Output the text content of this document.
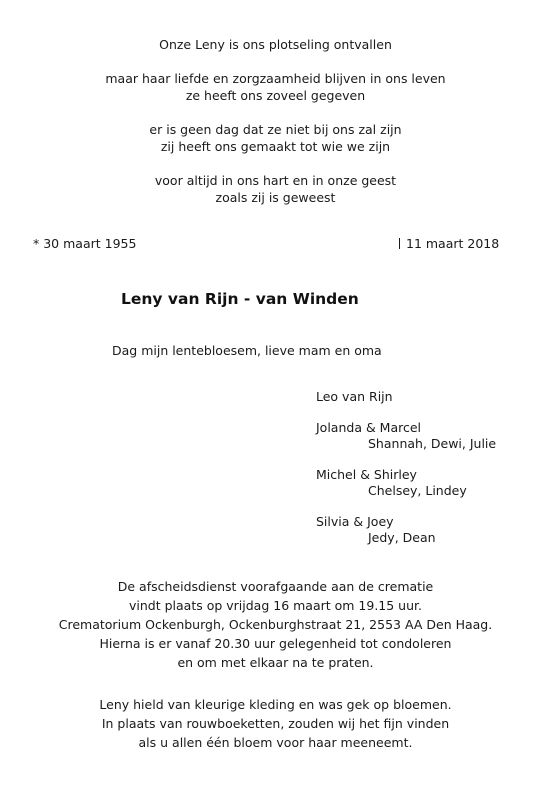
Onze Leny is ons plotseling ontvallen
maar haar liefde en zorgzaamheid blijven in ons leven
ze heeft ons zoveel gegeven
er is geen dag dat ze niet bij ons zal zijn
zij heeft ons gemaakt tot wie we zijn
voor altijd in ons hart en in onze geest
zoals zij is geweest
* 30 maart 1955	11 maart 2018
Leny van Rijn - van Winden
Dag mijn lentebloesem, lieve mam en oma
Leo van Rijn
Jolanda & Marcel
Shannah, Dewi, Julie
Michel & Shirley
Chelsey, Lindey
Silvia & Joey
Jedy, Dean
De afscheidsdienst voorafgaande aan de crematie
vindt plaats op vrijdag 16 maart om 19.15 uur.
Crematorium Ockenburgh, Ockenburghstraat 21, 2553 AA Den Haag.
Hierna is er vanaf 20.30 uur gelegenheid tot condoleren
en om met elkaar na te praten.
Leny hield van kleurige kleding en was gek op bloemen.
In plaats van rouwboeketten, zouden wij het fijn vinden
als u allen één bloem voor haar meeneemt.
